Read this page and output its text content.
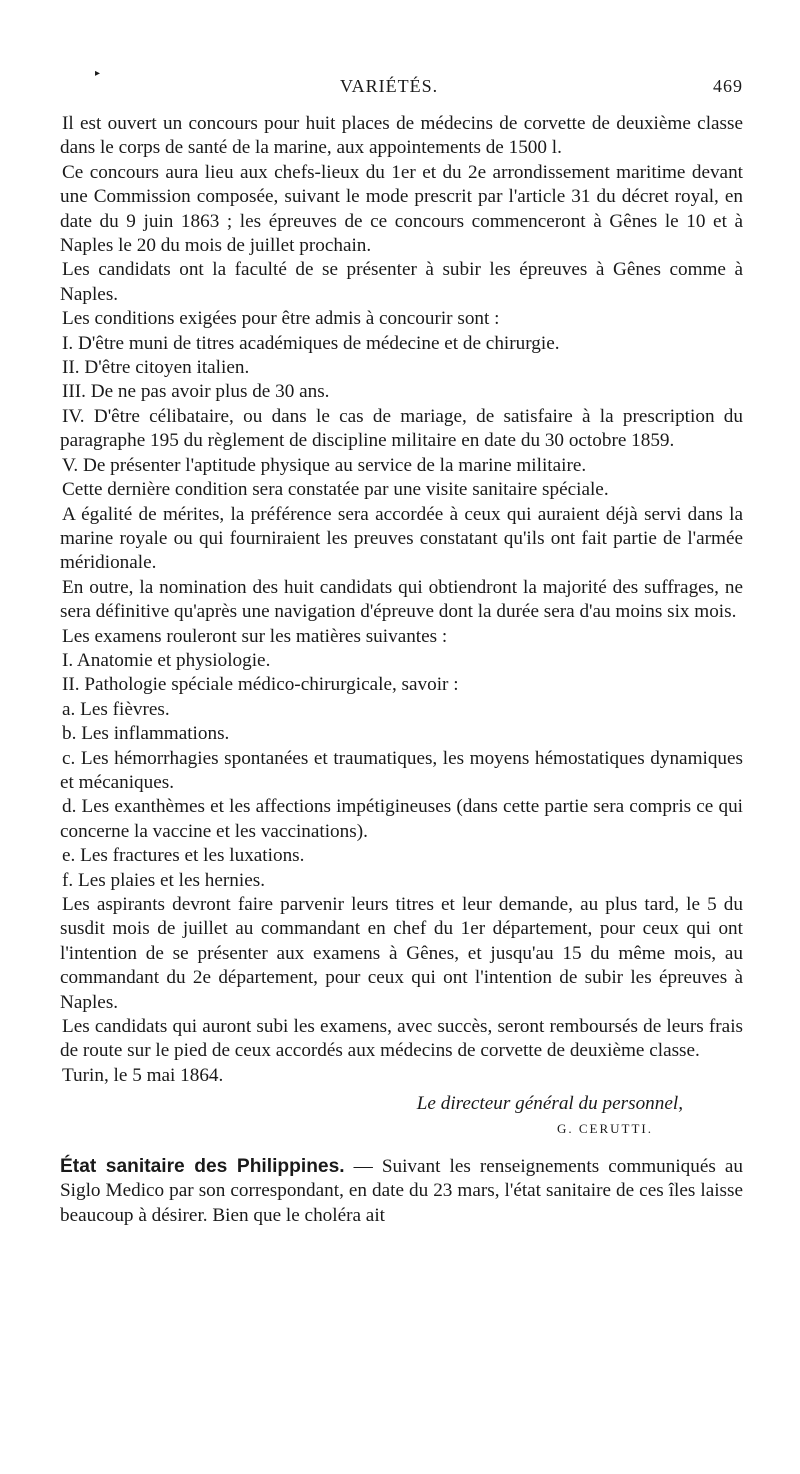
▸
VARIÉTÉS.	469

Il est ouvert un concours pour huit places de médecins de corvette de deuxième classe dans le corps de santé de la marine, aux appointements de 1500 l.

Ce concours aura lieu aux chefs-lieux du 1er et du 2e arrondissement maritime devant une Commission composée, suivant le mode prescrit par l'article 31 du décret royal, en date du 9 juin 1863 ; les épreuves de ce concours commenceront à Gênes le 10 et à Naples le 20 du mois de juillet prochain.

Les candidats ont la faculté de se présenter à subir les épreuves à Gênes comme à Naples.

Les conditions exigées pour être admis à concourir sont :

I. D'être muni de titres académiques de médecine et de chirurgie.

II. D'être citoyen italien.

III. De ne pas avoir plus de 30 ans.

IV. D'être célibataire, ou dans le cas de mariage, de satisfaire à la prescription du paragraphe 195 du règlement de discipline militaire en date du 30 octobre 1859.

V. De présenter l'aptitude physique au service de la marine militaire.

Cette dernière condition sera constatée par une visite sanitaire spéciale.

A égalité de mérites, la préférence sera accordée à ceux qui auraient déjà servi dans la marine royale ou qui fourniraient les preuves constatant qu'ils ont fait partie de l'armée méridionale.

En outre, la nomination des huit candidats qui obtiendront la majorité des suffrages, ne sera définitive qu'après une navigation d'épreuve dont la durée sera d'au moins six mois.

Les examens rouleront sur les matières suivantes :

I. Anatomie et physiologie.

II. Pathologie spéciale médico-chirurgicale, savoir :

a. Les fièvres.

b. Les inflammations.

c. Les hémorrhagies spontanées et traumatiques, les moyens hémostatiques dynamiques et mécaniques.

d. Les exanthèmes et les affections impétigineuses (dans cette partie sera compris ce qui concerne la vaccine et les vaccinations).

e. Les fractures et les luxations.

f. Les plaies et les hernies.

Les aspirants devront faire parvenir leurs titres et leur demande, au plus tard, le 5 du susdit mois de juillet au commandant en chef du 1er département, pour ceux qui ont l'intention de se présenter aux examens à Gênes, et jusqu'au 15 du même mois, au commandant du 2e département, pour ceux qui ont l'intention de subir les épreuves à Naples.

Les candidats qui auront subi les examens, avec succès, seront remboursés de leurs frais de route sur le pied de ceux accordés aux médecins de corvette de deuxième classe.

Turin, le 5 mai 1864.

Le directeur général du personnel,

G. CERUTTI.

État sanitaire des Philippines. — Suivant les renseignements communiqués au Siglo Medico par son correspondant, en date du 23 mars, l'état sanitaire de ces îles laisse beaucoup à désirer. Bien que le choléra ait
